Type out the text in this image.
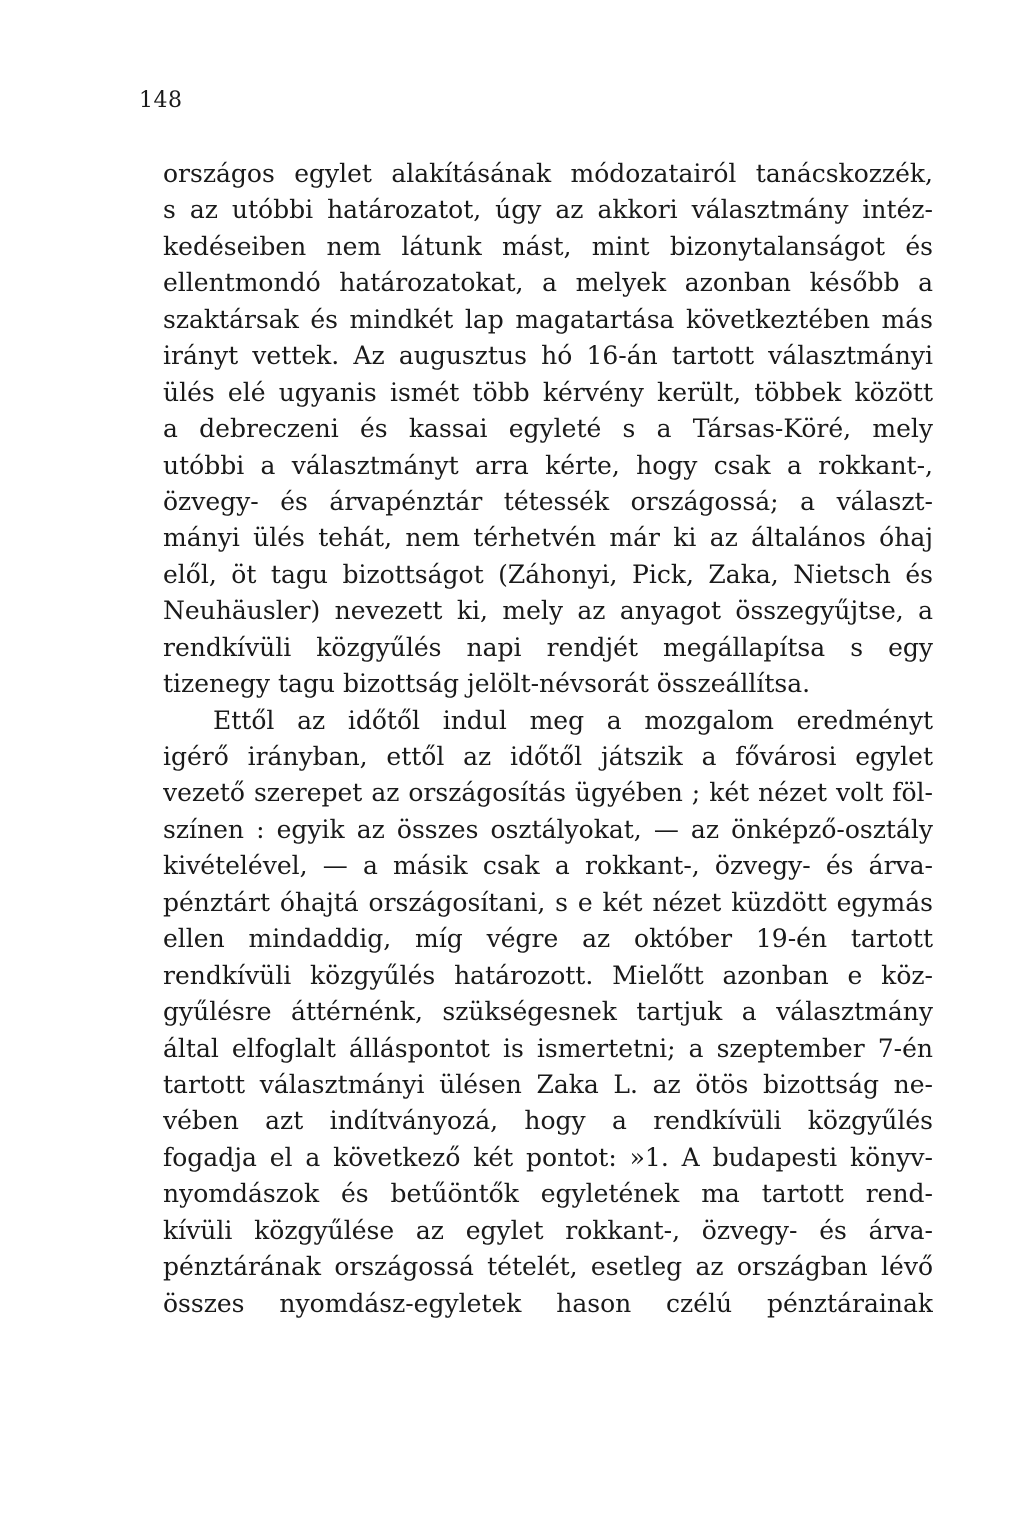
148
országos egylet alakításának módozatairól tanácskozzék,
s az utóbbi határozatot, úgy az akkori választmány intéz-
kedéseiben nem látunk mást, mint bizonytalanságot és
ellentmondó határozatokat, a melyek azonban később a
szaktársak és mindkét lap magatartása következtében más
irányt vettek. Az augusztus hó 16-án tartott választmányi
ülés elé ugyanis ismét több kérvény került, többek között
a debreczeni és kassai egyleté s a Társas-Köré, mely
utóbbi a választmányt arra kérte, hogy csak a rokkant-,
özvegy- és árvapénztár tétessék országossá; a választ-
mányi ülés tehát, nem térhetvén már ki az általános óhaj
elől, öt tagu bizottságot (Záhonyi, Pick, Zaka, Nietsch és
Neuhäusler) nevezett ki, mely az anyagot összegyűjtse, a
rendkívüli közgyűlés napi rendjét megállapítsa s egy
tizenegy tagu bizottság jelölt-névsorát összeállítsa.
Ettől az időtől indul meg a mozgalom eredményt
igérő irányban, ettől az időtől játszik a fővárosi egylet
vezető szerepet az országosítás ügyében ; két nézet volt föl-
színen : egyik az összes osztályokat, — az önképző-osztály
kivételével, — a másik csak a rokkant-, özvegy- és árva-
pénztárt óhajtá országosítani, s e két nézet küzdött egymás
ellen mindaddig, míg végre az október 19-én tartott
rendkívüli közgyűlés határozott. Mielőtt azonban e köz-
gyűlésre áttérnénk, szükségesnek tartjuk a választmány
által elfoglalt álláspontot is ismertetni; a szeptember 7-én
tartott választmányi ülésen Zaka L. az ötös bizottság ne-
vében azt indítványozá, hogy a rendkívüli közgyűlés
fogadja el a következő két pontot: »1. A budapesti könyv-
nyomdászok és betűöntők egyletének ma tartott rend-
kívüli közgyűlése az egylet rokkant-, özvegy- és árva-
pénztárának országossá tételét, esetleg az országban lévő
összes nyomdász-egyletek hason czélú pénztárainak
